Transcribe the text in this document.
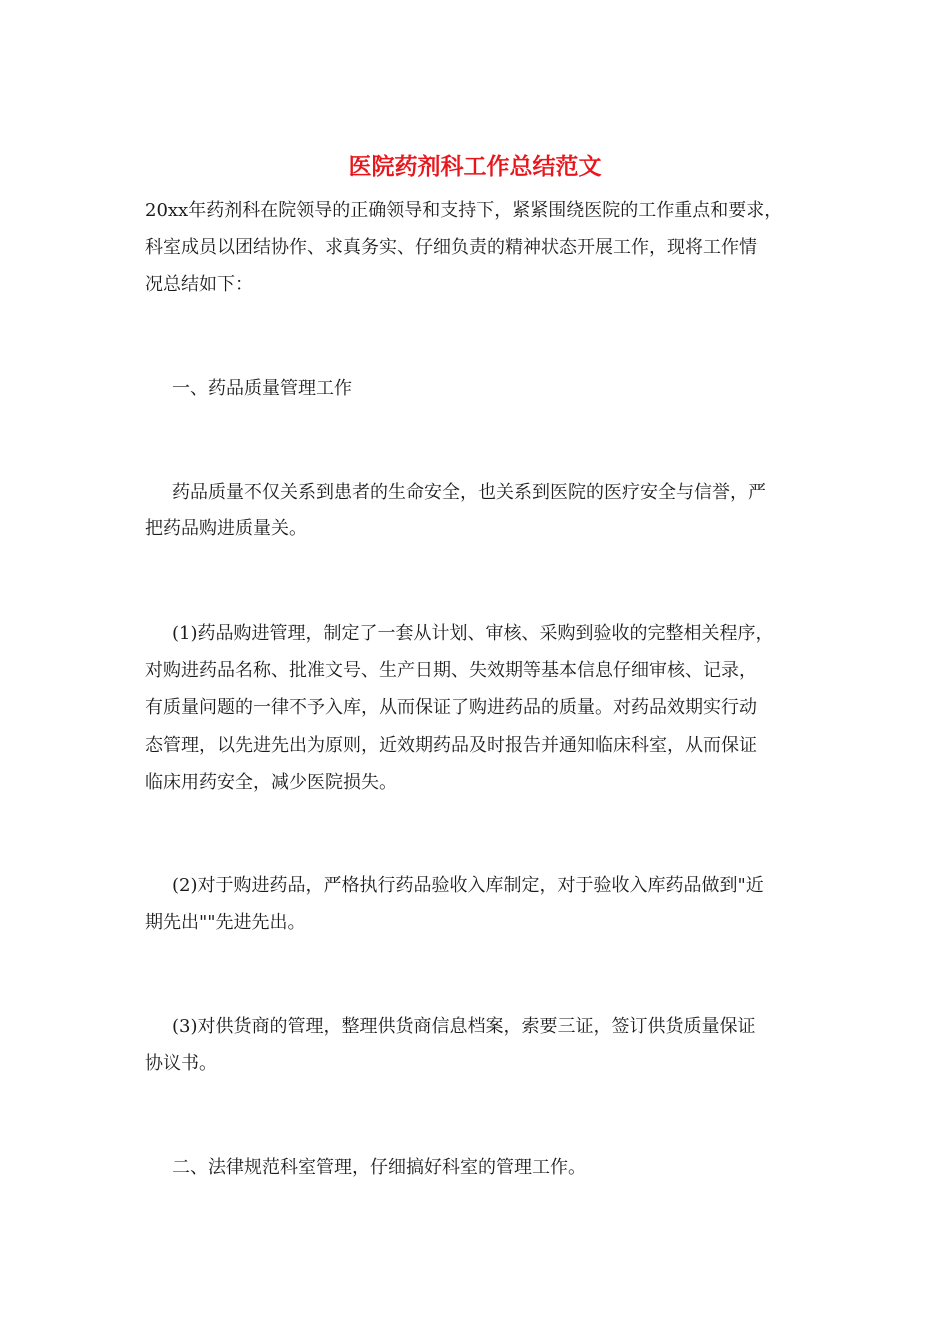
医院药剂科工作总结范文
20xx年药剂科在院领导的正确领导和支持下，紧紧围绕医院的工作重点和要求，
科室成员以团结协作、求真务实、仔细负责的精神状态开展工作，现将工作情
况总结如下：
一、药品质量管理工作
药品质量不仅关系到患者的生命安全，也关系到医院的医疗安全与信誉，严
把药品购进质量关。
(1)药品购进管理，制定了一套从计划、审核、采购到验收的完整相关程序，
对购进药品名称、批准文号、生产日期、失效期等基本信息仔细审核、记录，
有质量问题的一律不予入库，从而保证了购进药品的质量。对药品效期实行动
态管理，以先进先出为原则，近效期药品及时报告并通知临床科室，从而保证
临床用药安全，减少医院损失。
(2)对于购进药品，严格执行药品验收入库制定，对于验收入库药品做到"近
期先出""先进先出。
(3)对供货商的管理，整理供货商信息档案，索要三证，签订供货质量保证
协议书。
二、法律规范科室管理，仔细搞好科室的管理工作。
